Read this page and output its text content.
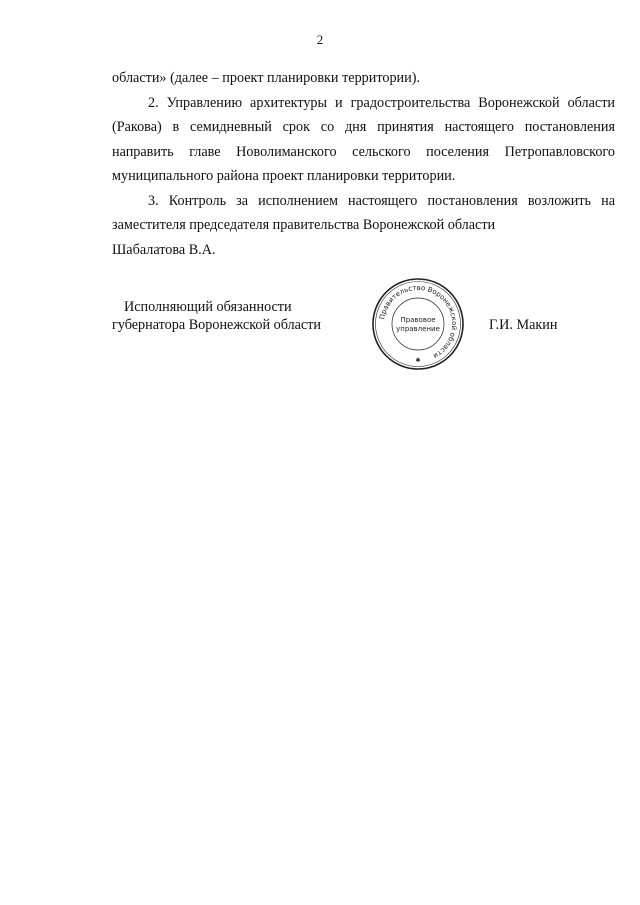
2

области» (далее – проект планировки территории).

2. Управлению архитектуры и градостроительства Воронежской области (Ракова) в семидневный срок со дня принятия настоящего постановления направить главе Новолиманского сельского поселения Петропавловского муниципального района проект планировки территории.

3. Контроль за исполнением настоящего постановления возложить на заместителя председателя правительства Воронежской области

Шабалатова В.А.

Исполняющий обязанности
губернатора Воронежской области
Правительство Воронежской области
Правовое
управление
✱
Г.И. Макин
